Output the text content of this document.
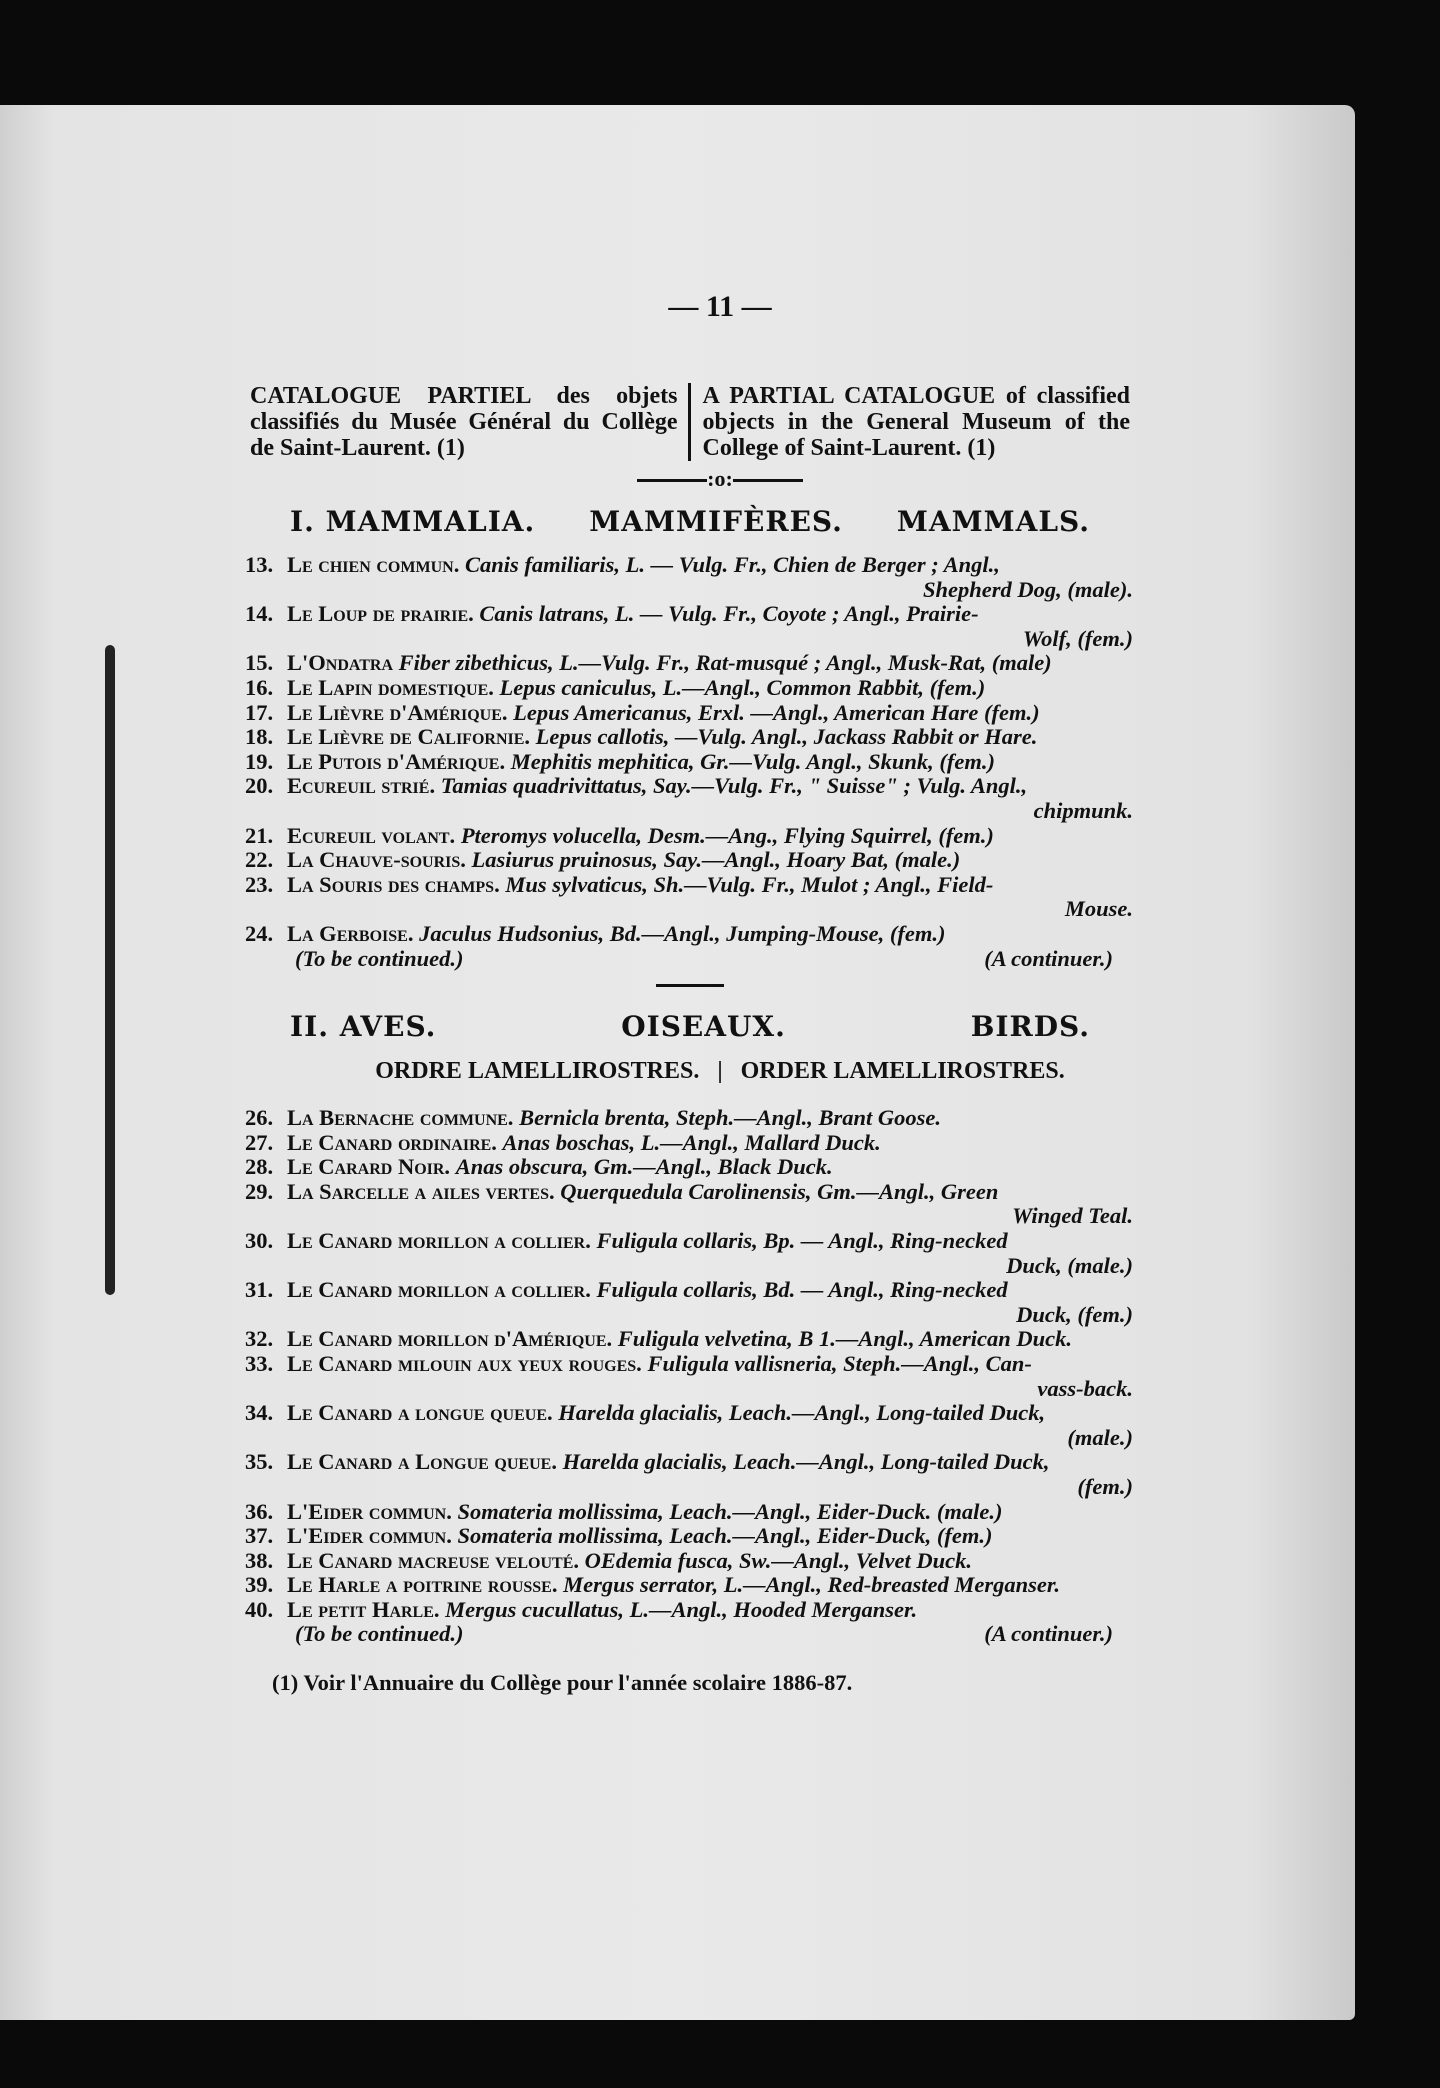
— 11 —
CATALOGUE PARTIEL des objets classifiés du Musée Général du Collège de Saint-Laurent. (1)
A PARTIAL CATALOGUE of classified objects in the General Museum of the College of Saint-Laurent. (1)
:o:
I. MAMMALIA. MAMMIFÈRES. MAMMALS.
13. Le chien commun. Canis familiaris, L. — Vulg. Fr., Chien de Berger ; Angl.,
Shepherd Dog, (male).
14. Le Loup de prairie. Canis latrans, L. — Vulg. Fr., Coyote ; Angl., Prairie-
Wolf, (fem.)
15. L'Ondatra Fiber zibethicus, L.—Vulg. Fr., Rat-musqué ; Angl., Musk-Rat, (male)
16. Le Lapin domestique. Lepus caniculus, L.—Angl., Common Rabbit, (fem.)
17. Le Lièvre d'Amérique. Lepus Americanus, Erxl. —Angl., American Hare (fem.)
18. Le Lièvre de Californie. Lepus callotis, —Vulg. Angl., Jackass Rabbit or Hare.
19. Le Putois d'Amérique. Mephitis mephitica, Gr.—Vulg. Angl., Skunk, (fem.)
20. Ecureuil strié. Tamias quadrivittatus, Say.—Vulg. Fr., " Suisse" ; Vulg. Angl.,
chipmunk.
21. Ecureuil volant. Pteromys volucella, Desm.—Ang., Flying Squirrel, (fem.)
22. La Chauve-souris. Lasiurus pruinosus, Say.—Angl., Hoary Bat, (male.)
23. La Souris des champs. Mus sylvaticus, Sh.—Vulg. Fr., Mulot ; Angl., Field-
Mouse.
24. La Gerboise. Jaculus Hudsonius, Bd.—Angl., Jumping-Mouse, (fem.)
(To be continued.)	(A continuer.)
II. AVES.	OISEAUX.	BIRDS.
ORDRE LAMELLIROSTRES. | ORDER LAMELLIROSTRES.
26. La Bernache commune. Bernicla brenta, Steph.—Angl., Brant Goose.
27. Le Canard ordinaire. Anas boschas, L.—Angl., Mallard Duck.
28. Le Carard Noir. Anas obscura, Gm.—Angl., Black Duck.
29. La Sarcelle a ailes vertes. Querquedula Carolinensis, Gm.—Angl., Green
Winged Teal.
30. Le Canard morillon a collier. Fuligula collaris, Bp. — Angl., Ring-necked
Duck, (male.)
31. Le Canard morillon a collier. Fuligula collaris, Bd. — Angl., Ring-necked
Duck, (fem.)
32. Le Canard morillon d'Amérique. Fuligula velvetina, B 1.—Angl., American Duck.
33. Le Canard milouin aux yeux rouges. Fuligula vallisneria, Steph.—Angl., Can-
vass-back.
34. Le Canard a longue queue. Harelda glacialis, Leach.—Angl., Long-tailed Duck,
(male.)
35. Le Canard a Longue queue. Harelda glacialis, Leach.—Angl., Long-tailed Duck,
(fem.)
36. L'Eider commun. Somateria mollissima, Leach.—Angl., Eider-Duck. (male.)
37. L'Eider commun. Somateria mollissima, Leach.—Angl., Eider-Duck, (fem.)
38. Le Canard macreuse velouté. OEdemia fusca, Sw.—Angl., Velvet Duck.
39. Le Harle a poitrine rousse. Mergus serrator, L.—Angl., Red-breasted Merganser.
40. Le petit Harle. Mergus cucullatus, L.—Angl., Hooded Merganser.
(To be continued.)	(A continuer.)
(1) Voir l'Annuaire du Collège pour l'année scolaire 1886-87.
